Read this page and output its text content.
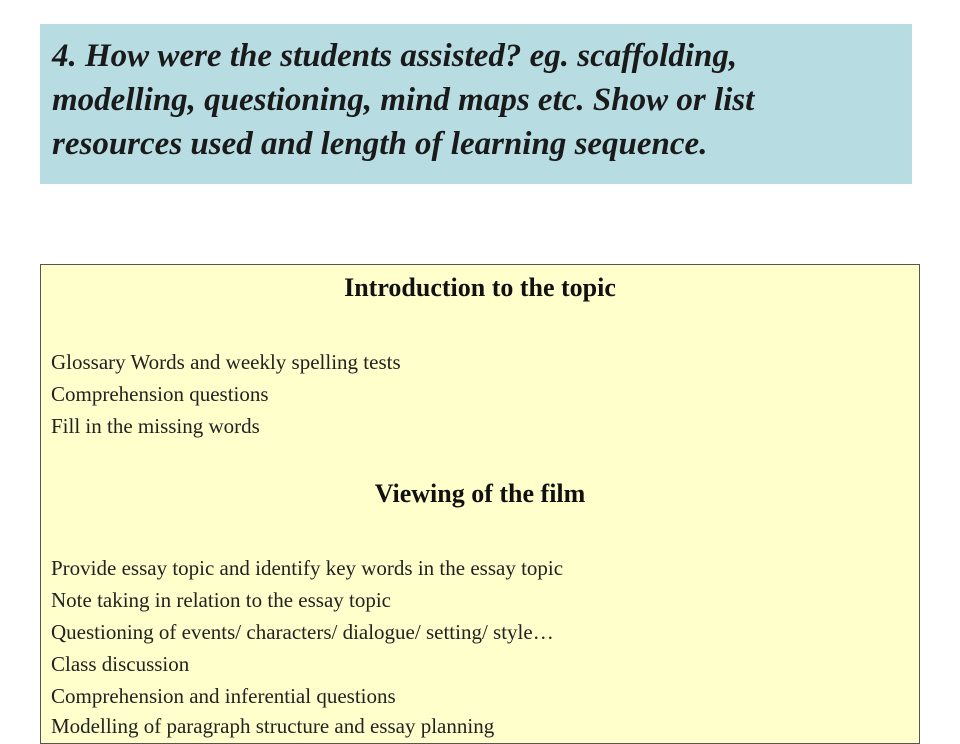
4. How were the students assisted? eg. scaffolding,
modelling, questioning, mind maps etc. Show or list
resources used and length of learning sequence.
Introduction to the topic
Glossary Words and weekly spelling tests
Comprehension questions
Fill in the missing words
Viewing of the film
Provide essay topic and identify key words in the essay topic
Note taking in relation to the essay topic
Questioning of events/ characters/ dialogue/ setting/ style…
Class discussion
Comprehension and inferential questions
Modelling of paragraph structure and essay planning
